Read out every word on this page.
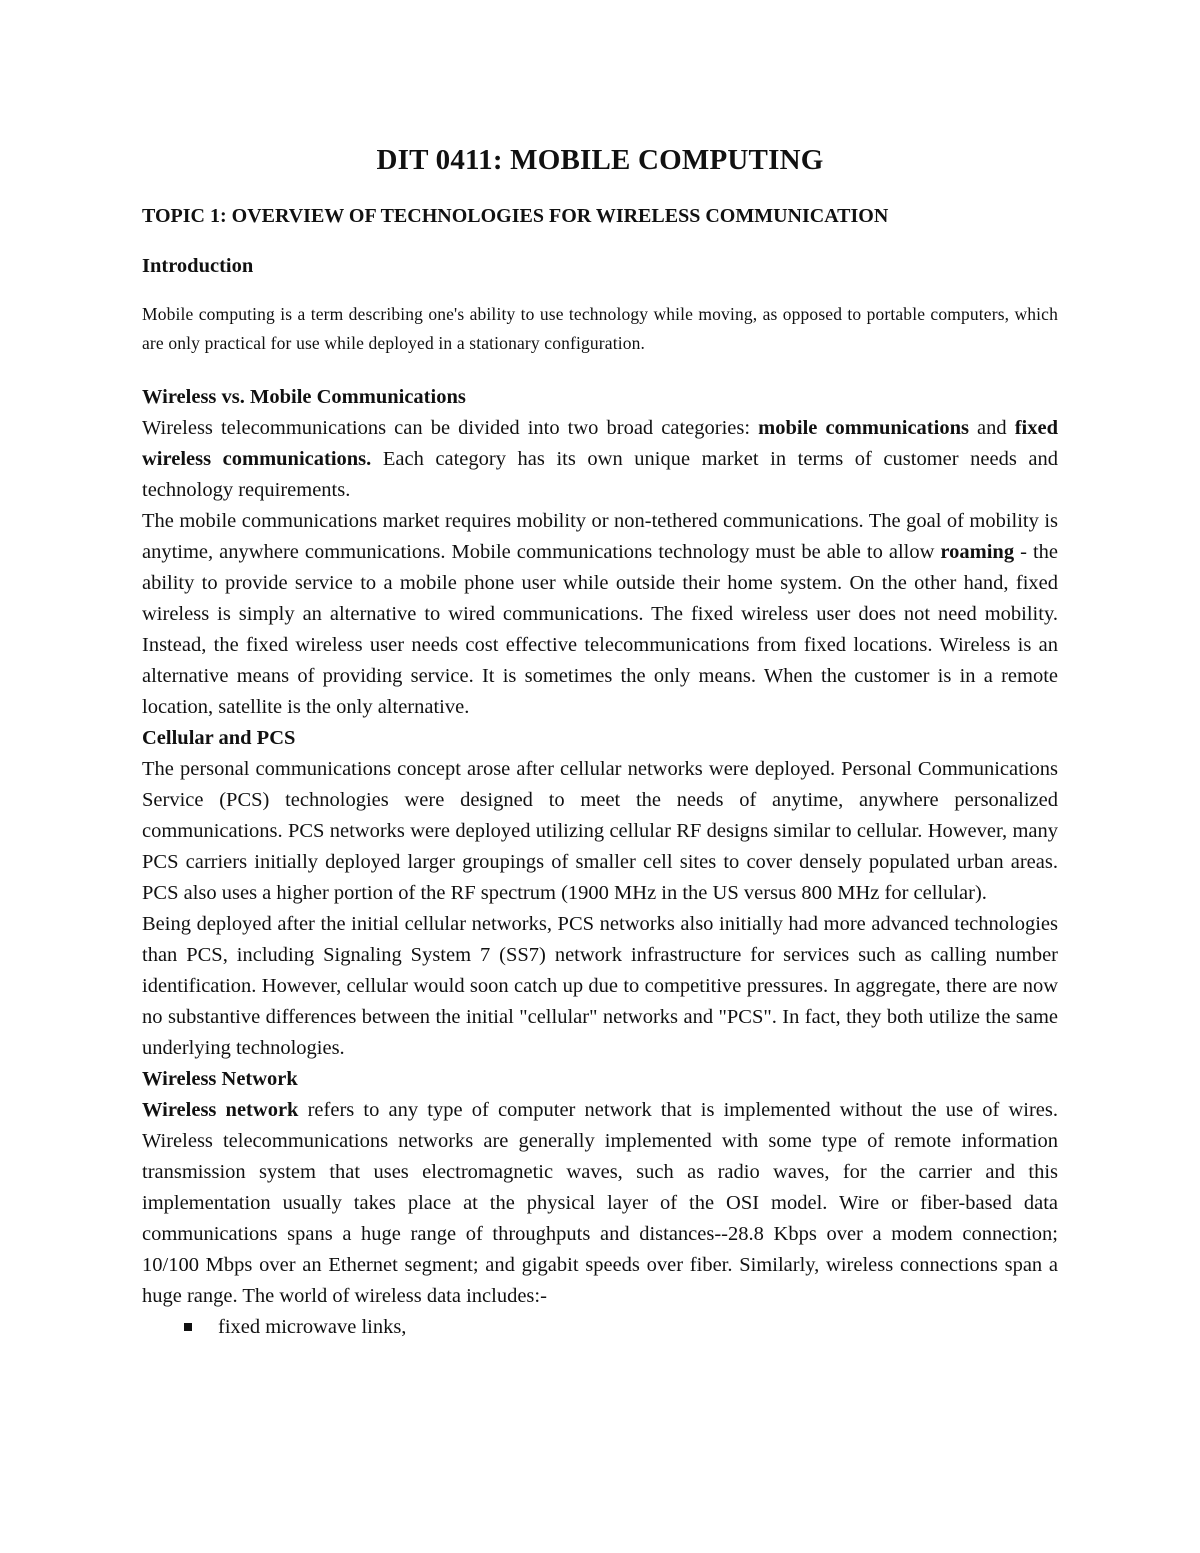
DIT 0411: MOBILE COMPUTING
TOPIC 1: OVERVIEW OF TECHNOLOGIES FOR WIRELESS COMMUNICATION
Introduction

Mobile computing is a term describing one's ability to use technology while moving, as opposed to portable computers, which are only practical for use while deployed in a stationary configuration.

Wireless vs. Mobile Communications

Wireless telecommunications can be divided into two broad categories: mobile communications and fixed wireless communications. Each category has its own unique market in terms of customer needs and technology requirements.

The mobile communications market requires mobility or non-tethered communications. The goal of mobility is anytime, anywhere communications. Mobile communications technology must be able to allow roaming - the ability to provide service to a mobile phone user while outside their home system. On the other hand, fixed wireless is simply an alternative to wired communications. The fixed wireless user does not need mobility. Instead, the fixed wireless user needs cost effective telecommunications from fixed locations. Wireless is an alternative means of providing service. It is sometimes the only means. When the customer is in a remote location, satellite is the only alternative.

Cellular and PCS

The personal communications concept arose after cellular networks were deployed. Personal Communications Service (PCS) technologies were designed to meet the needs of anytime, anywhere personalized communications. PCS networks were deployed utilizing cellular RF designs similar to cellular. However, many PCS carriers initially deployed larger groupings of smaller cell sites to cover densely populated urban areas. PCS also uses a higher portion of the RF spectrum (1900 MHz in the US versus 800 MHz for cellular).

Being deployed after the initial cellular networks, PCS networks also initially had more advanced technologies than PCS, including Signaling System 7 (SS7) network infrastructure for services such as calling number identification. However, cellular would soon catch up due to competitive pressures. In aggregate, there are now no substantive differences between the initial "cellular" networks and "PCS". In fact, they both utilize the same underlying technologies.

Wireless Network

Wireless network refers to any type of computer network that is implemented without the use of wires. Wireless telecommunications networks are generally implemented with some type of remote information transmission system that uses electromagnetic waves, such as radio waves, for the carrier and this implementation usually takes place at the physical layer of the OSI model. Wire or fiber-based data communications spans a huge range of throughputs and distances--28.8 Kbps over a modem connection; 10/100 Mbps over an Ethernet segment; and gigabit speeds over fiber. Similarly, wireless connections span a huge range. The world of wireless data includes:-

fixed microwave links,
